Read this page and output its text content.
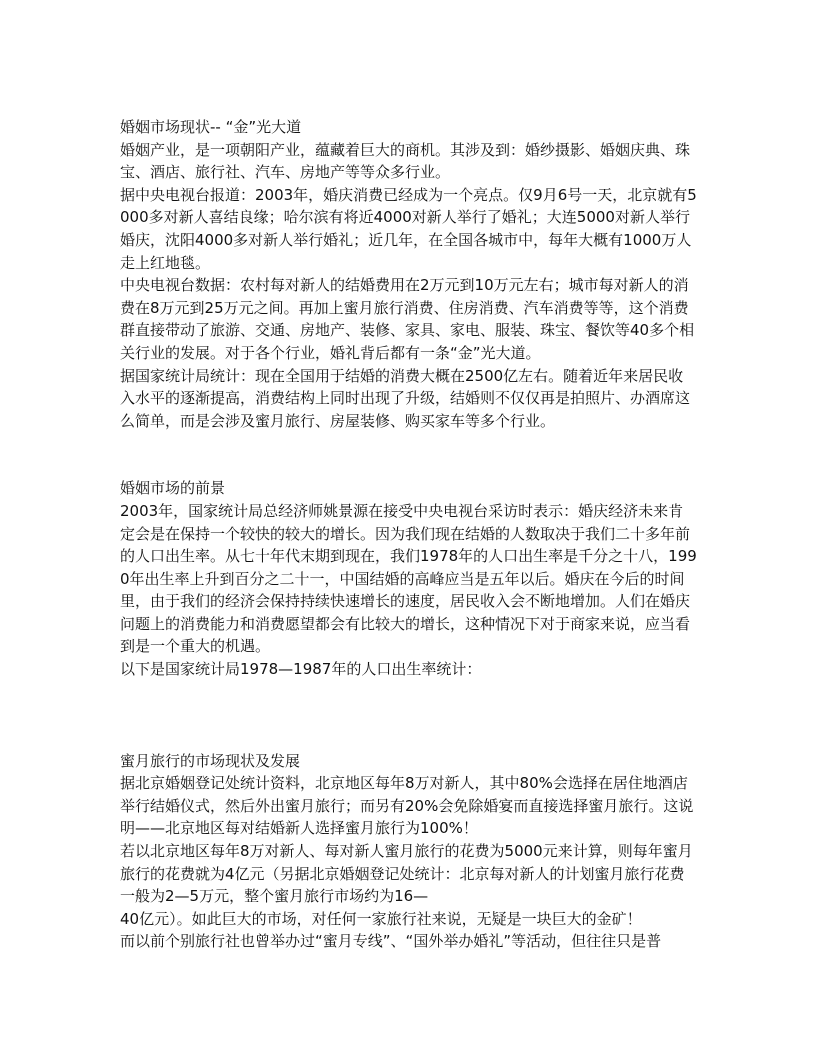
婚姻市场现状-- “金”光大道

婚姻产业，是一项朝阳产业，蕴藏着巨大的商机。其涉及到：婚纱摄影、婚姻庆典、珠宝、酒店、旅行社、汽车、房地产等等众多行业。

据中央电视台报道：2003年，婚庆消费已经成为一个亮点。仅9月6号一天，北京就有5000多对新人喜结良缘；哈尔滨有将近4000对新人举行了婚礼；大连5000对新人举行婚庆，沈阳4000多对新人举行婚礼；近几年，在全国各城市中，每年大概有1000万人走上红地毯。

中央电视台数据：农村每对新人的结婚费用在2万元到10万元左右；城市每对新人的消费在8万元到25万元之间。再加上蜜月旅行消费、住房消费、汽车消费等等，这个消费群直接带动了旅游、交通、房地产、装修、家具、家电、服装、珠宝、餐饮等40多个相关行业的发展。对于各个行业，婚礼背后都有一条“金”光大道。

据国家统计局统计：现在全国用于结婚的消费大概在2500亿左右。随着近年来居民收入水平的逐渐提高，消费结构上同时出现了升级，结婚则不仅仅再是拍照片、办酒席这么简单，而是会涉及蜜月旅行、房屋装修、购买家车等多个行业。

婚姻市场的前景

2003年，国家统计局总经济师姚景源在接受中央电视台采访时表示：婚庆经济未来肯定会是在保持一个较快的较大的增长。因为我们现在结婚的人数取决于我们二十多年前的人口出生率。从七十年代末期到现在，我们1978年的人口出生率是千分之十八，1990年出生率上升到百分之二十一，中国结婚的高峰应当是五年以后。婚庆在今后的时间里，由于我们的经济会保持持续快速增长的速度，居民收入会不断地增加。人们在婚庆问题上的消费能力和消费愿望都会有比较大的增长，这种情况下对于商家来说，应当看到是一个重大的机遇。

以下是国家统计局1978—1987年的人口出生率统计：

蜜月旅行的市场现状及发展

据北京婚姻登记处统计资料，北京地区每年8万对新人，其中80%会选择在居住地酒店举行结婚仪式，然后外出蜜月旅行；而另有20%会免除婚宴而直接选择蜜月旅行。这说明——北京地区每对结婚新人选择蜜月旅行为100%！

若以北京地区每年8万对新人、每对新人蜜月旅行的花费为5000元来计算，则每年蜜月旅行的花费就为4亿元（另据北京婚姻登记处统计：北京每对新人的计划蜜月旅行花费一般为2—5万元，整个蜜月旅行市场约为16—

40亿元）。如此巨大的市场，对任何一家旅行社来说，无疑是一块巨大的金矿！

而以前个别旅行社也曾举办过“蜜月专线”、“国外举办婚礼”等活动，但往往只是普
